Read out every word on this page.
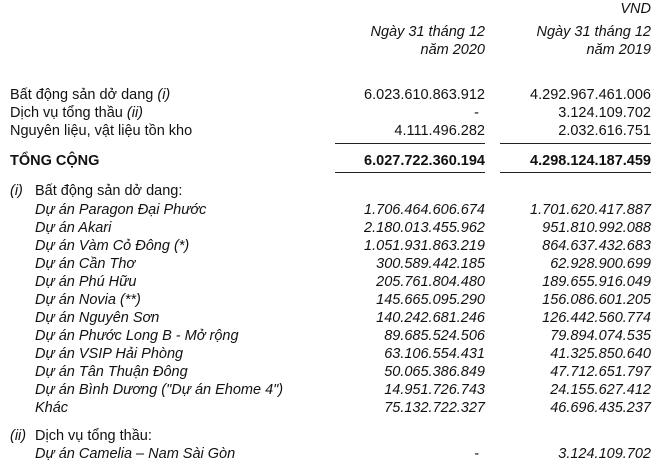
VND
Ngày 31 tháng 12
năm 2020
Ngày 31 tháng 12
năm 2019
Bất động sản dở dang (i)	6.023.610.863.912	4.292.967.461.006
Dịch vụ tổng thầu (ii)	-	3.124.109.702
Nguyên liệu, vật liệu tồn kho	4.111.496.282	2.032.616.751
TỔNG CỘNG	6.027.722.360.194	4.298.124.187.459
(i) Bất động sản dở dang:
Dự án Paragon Đại Phước	1.706.464.606.674	1.701.620.417.887
Dự án Akari	2.180.013.455.962	951.810.992.088
Dự án Vàm Cỏ Đông (*)	1.051.931.863.219	864.637.432.683
Dự án Cần Thơ	300.589.442.185	62.928.900.699
Dự án Phú Hữu	205.761.804.480	189.655.916.049
Dự án Novia (**)	145.665.095.290	156.086.601.205
Dự án Nguyên Sơn	140.242.681.246	126.442.560.774
Dự án Phước Long B - Mở rộng	89.685.524.506	79.894.074.535
Dự án VSIP Hải Phòng	63.106.554.431	41.325.850.640
Dự án Tân Thuận Đông	50.065.386.849	47.712.651.797
Dự án Bình Dương ("Dự án Ehome 4")	14.951.726.743	24.155.627.412
Khác	75.132.722.327	46.696.435.237
(ii) Dịch vụ tổng thầu:
Dự án Camelia – Nam Sài Gòn	-	3.124.109.702
